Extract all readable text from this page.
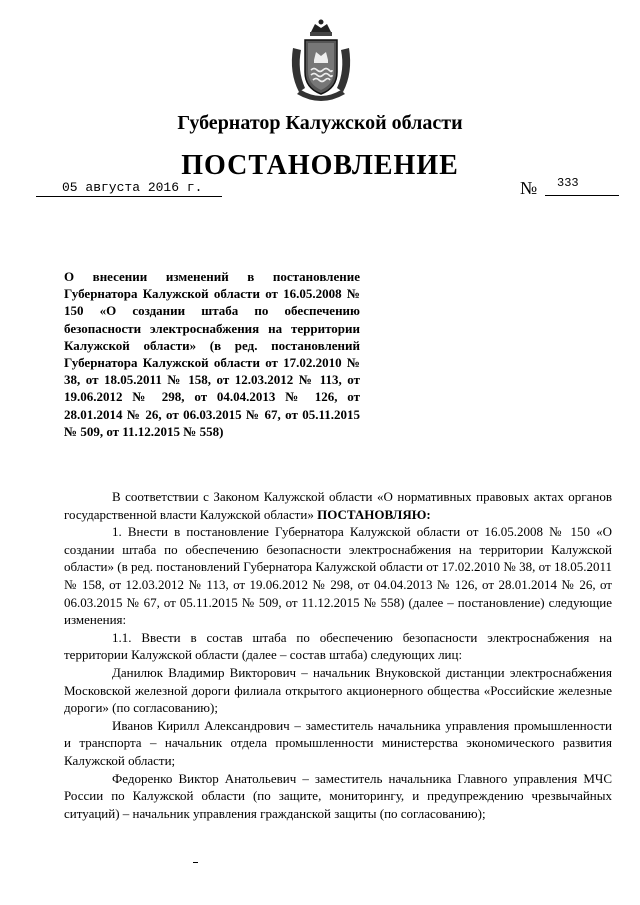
Губернатор Калужской области
ПОСТАНОВЛЕНИЕ
05 августа 2016 г.	№	333
О внесении изменений в постановление Губернатора Калужской области от 16.05.2008 № 150 «О создании штаба по обеспечению безопасности электроснабжения на территории Калужской области» (в ред. постановлений Губернатора Калужской области от 17.02.2010 № 38, от 18.05.2011 № 158, от 12.03.2012 № 113, от 19.06.2012 № 298, от 04.04.2013 № 126, от 28.01.2014 № 26, от 06.03.2015 № 67, от 05.11.2015 № 509, от 11.12.2015 № 558)

В соответствии с Законом Калужской области «О нормативных правовых актах органов государственной власти Калужской области» ПОСТАНОВЛЯЮ:

1. Внести в постановление Губернатора Калужской области от 16.05.2008 № 150 «О создании штаба по обеспечению безопасности электроснабжения на территории Калужской области» (в ред. постановлений Губернатора Калужской области от 17.02.2010 № 38, от 18.05.2011 № 158, от 12.03.2012 № 113, от 19.06.2012 № 298, от 04.04.2013 № 126, от 28.01.2014 № 26, от 06.03.2015 № 67, от 05.11.2015 № 509, от 11.12.2015 № 558) (далее – постановление) следующие изменения:

1.1. Ввести в состав штаба по обеспечению безопасности электроснабжения на территории Калужской области (далее – состав штаба) следующих лиц:

Данилюк Владимир Викторович – начальник Внуковской дистанции электроснабжения Московской железной дороги филиала открытого акционерного общества «Российские железные дороги» (по согласованию);

Иванов Кирилл Александрович – заместитель начальника управления промышленности и транспорта – начальник отдела промышленности министерства экономического развития Калужской области;

Федоренко Виктор Анатольевич – заместитель начальника Главного управления МЧС России по Калужской области (по защите, мониторингу, и предупреждению чрезвычайных ситуаций) – начальник управления гражданской защиты (по согласованию);
